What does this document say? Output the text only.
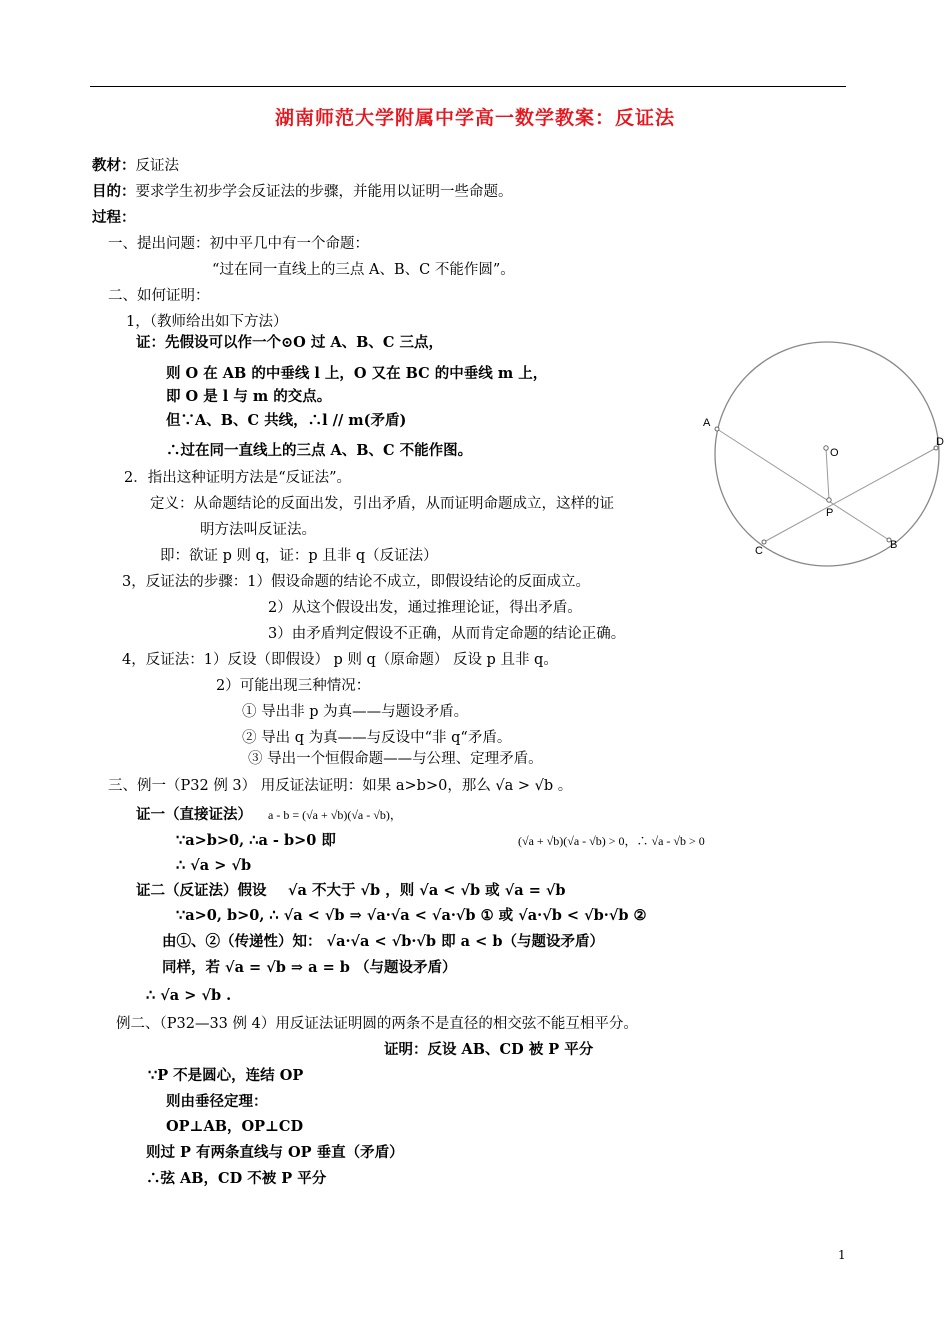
湖南师范大学附属中学高一数学教案：反证法
教材：反证法
目的：要求学生初步学会反证法的步骤，并能用以证明一些命题。
过程：
一、提出问题：初中平几中有一个命题：
“过在同一直线上的三点 A、B、C 不能作圆”。
二、如何证明：
1，（教师给出如下方法）
证：先假设可以作一个⊙O 过 A、B、C 三点，
则 O 在 AB 的中垂线 l 上，O 又在 BC 的中垂线 m 上，
即 O 是 l 与 m 的交点。
但∵A、B、C 共线，∴l // m(矛盾)
∴过在同一直线上的三点 A、B、C 不能作图。
2．指出这种证明方法是“反证法”。
定义：从命题结论的反面出发，引出矛盾，从而证明命题成立，这样的证
明方法叫反证法。
即：欲证 p 则 q，证：p 且非 q（反证法）
3，反证法的步骤：1）假设命题的结论不成立，即假设结论的反面成立。
2）从这个假设出发，通过推理论证，得出矛盾。
3）由矛盾判定假设不正确，从而肯定命题的结论正确。
4，反证法：1）反设（即假设） p 则 q（原命题） 反设 p 且非 q。
2）可能出现三种情况：
① 导出非 p 为真——与题设矛盾。
② 导出 q 为真——与反设中“非 q“矛盾。
③ 导出一个恒假命题——与公理、定理矛盾。
三、例一（P32 例 3） 用反证法证明：如果 a>b>0，那么 √a > √b 。
证一（直接证法） a - b = (√a + √b)(√a - √b)，
∵a>b>0, ∴a - b>0 即	(√a + √b)(√a - √b) > 0，∴ √a - √b > 0
∴ √a > √b
证二（反证法）假设 √a 不大于 √b ，则 √a < √b 或 √a = √b
∵a>0, b>0, ∴ √a < √b ⇒ √a·√a < √a·√b ① 或 √a·√b < √b·√b ②
由①、②（传递性）知： √a·√a < √b·√b 即 a < b（与题设矛盾）
同样，若 √a = √b ⇒ a = b （与题设矛盾）
∴ √a > √b .
例二、（P32—33 例 4）用反证法证明圆的两条不是直径的相交弦不能互相平分。
证明：反设 AB、CD 被 P 平分
∵P 不是圆心，连结 OP
则由垂径定理：
OP⊥AB，OP⊥CD
则过 P 有两条直线与 OP 垂直（矛盾）
∴弦 AB，CD 不被 P 平分
A
B
C
D
O
P
1
